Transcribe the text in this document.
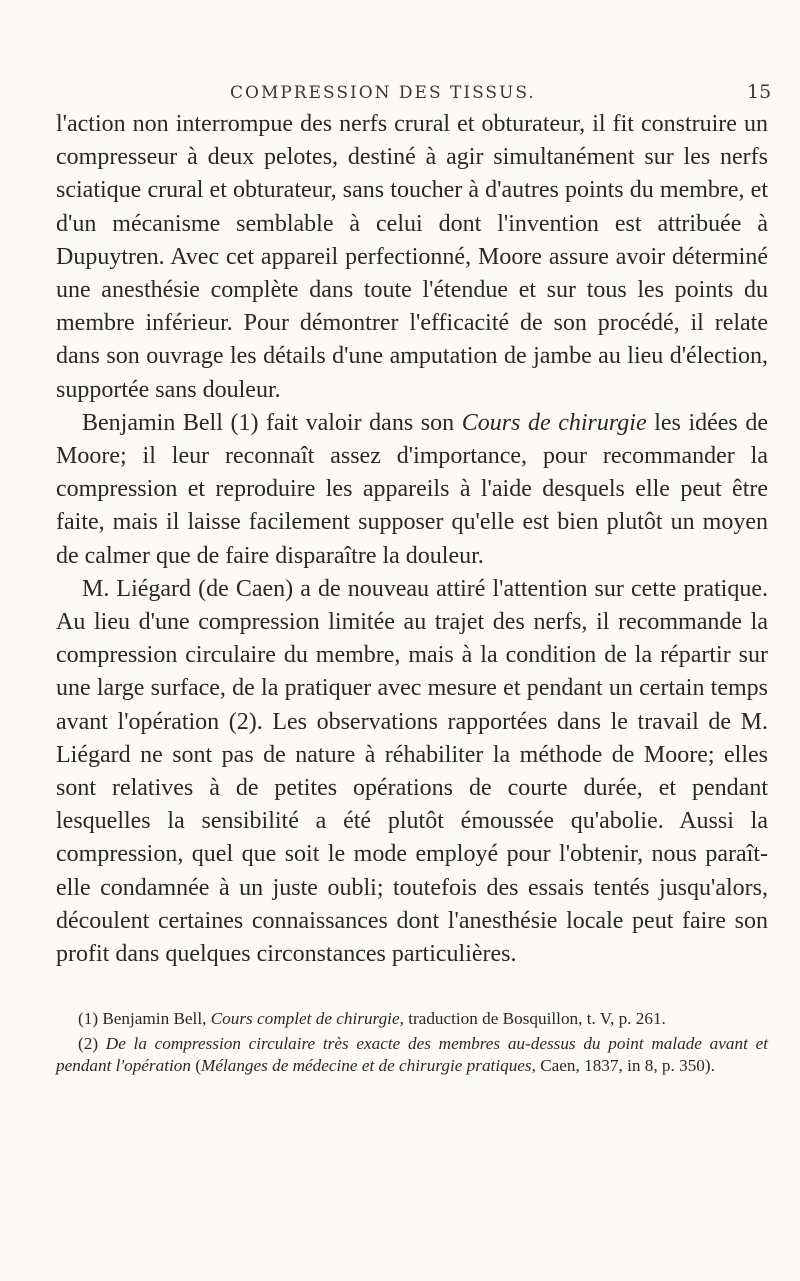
COMPRESSION DES TISSUS.	15

l'action non interrompue des nerfs crural et obturateur, il fit construire un compresseur à deux pelotes, destiné à agir simultanément sur les nerfs sciatique crural et obturateur, sans toucher à d'autres points du membre, et d'un mécanisme semblable à celui dont l'invention est attribuée à Dupuytren. Avec cet appareil perfectionné, Moore assure avoir déterminé une anesthésie complète dans toute l'étendue et sur tous les points du membre inférieur. Pour démontrer l'efficacité de son procédé, il relate dans son ouvrage les détails d'une amputation de jambe au lieu d'élection, supportée sans douleur.

Benjamin Bell (1) fait valoir dans son Cours de chirurgie les idées de Moore; il leur reconnaît assez d'importance, pour recommander la compression et reproduire les appareils à l'aide desquels elle peut être faite, mais il laisse facilement supposer qu'elle est bien plutôt un moyen de calmer que de faire disparaître la douleur.

M. Liégard (de Caen) a de nouveau attiré l'attention sur cette pratique. Au lieu d'une compression limitée au trajet des nerfs, il recommande la compression circulaire du membre, mais à la condition de la répartir sur une large surface, de la pratiquer avec mesure et pendant un certain temps avant l'opération (2). Les observations rapportées dans le travail de M. Liégard ne sont pas de nature à réhabiliter la méthode de Moore; elles sont relatives à de petites opérations de courte durée, et pendant lesquelles la sensibilité a été plutôt émoussée qu'abolie. Aussi la compression, quel que soit le mode employé pour l'obtenir, nous paraît-elle condamnée à un juste oubli; toutefois des essais tentés jusqu'alors, découlent certaines connaissances dont l'anesthésie locale peut faire son profit dans quelques circonstances particulières.

(1) Benjamin Bell, Cours complet de chirurgie, traduction de Bosquillon, t. V, p. 261.

(2) De la compression circulaire très exacte des membres au-dessus du point malade avant et pendant l'opération (Mélanges de médecine et de chirurgie pratiques, Caen, 1837, in 8, p. 350).
